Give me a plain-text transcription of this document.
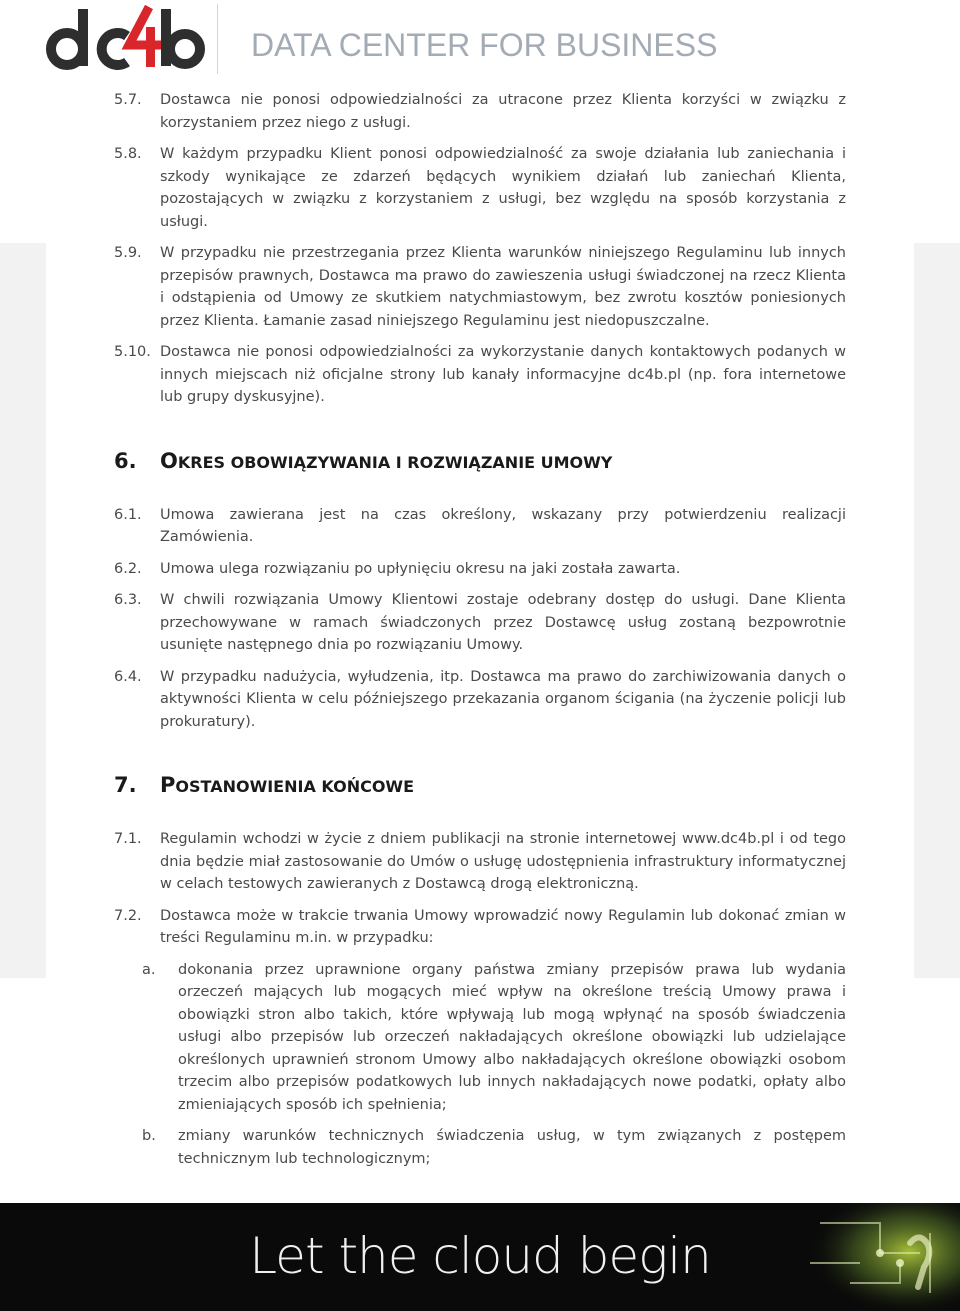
DATA CENTER FOR BUSINESS
5.7. Dostawca nie ponosi odpowiedzialności za utracone przez Klienta korzyści w związku z korzystaniem przez niego z usługi.
5.8. W każdym przypadku Klient ponosi odpowiedzialność za swoje działania lub zaniechania i szkody wynikające ze zdarzeń będących wynikiem działań lub zaniechań Klienta, pozostających w związku z korzystaniem z usługi, bez względu na sposób korzystania z usługi.
5.9. W przypadku nie przestrzegania przez Klienta warunków niniejszego Regulaminu lub innych przepisów prawnych, Dostawca ma prawo do zawieszenia usługi świadczonej na rzecz Klienta i odstąpienia od Umowy ze skutkiem natychmiastowym, bez zwrotu kosztów poniesionych przez Klienta. Łamanie zasad niniejszego Regulaminu jest niedopuszczalne.
5.10. Dostawca nie ponosi odpowiedzialności za wykorzystanie danych kontaktowych podanych w innych miejscach niż oficjalne strony lub kanały informacyjne dc4b.pl (np. fora internetowe lub grupy dyskusyjne).
6. OKRES OBOWIĄZYWANIA I ROZWIĄZANIE UMOWY
6.1. Umowa zawierana jest na czas określony, wskazany przy potwierdzeniu realizacji Zamówienia.
6.2. Umowa ulega rozwiązaniu po upłynięciu okresu na jaki została zawarta.
6.3. W chwili rozwiązania Umowy Klientowi zostaje odebrany dostęp do usługi. Dane Klienta przechowywane w ramach świadczonych przez Dostawcę usług zostaną bezpowrotnie usunięte następnego dnia po rozwiązaniu Umowy.
6.4. W przypadku nadużycia, wyłudzenia, itp. Dostawca ma prawo do zarchiwizowania danych o aktywności Klienta w celu późniejszego przekazania organom ścigania (na życzenie policji lub prokuratury).
7. POSTANOWIENIA KOŃCOWE
7.1. Regulamin wchodzi w życie z dniem publikacji na stronie internetowej www.dc4b.pl i od tego dnia będzie miał zastosowanie do Umów o usługę udostępnienia infrastruktury informatycznej w celach testowych zawieranych z Dostawcą drogą elektroniczną.
7.2. Dostawca może w trakcie trwania Umowy wprowadzić nowy Regulamin lub dokonać zmian w treści Regulaminu m.in. w przypadku:
a. dokonania przez uprawnione organy państwa zmiany przepisów prawa lub wydania orzeczeń mających lub mogących mieć wpływ na określone treścią Umowy prawa i obowiązki stron albo takich, które wpływają lub mogą wpłynąć na sposób świadczenia usługi albo przepisów lub orzeczeń nakładających określone obowiązki lub udzielające określonych uprawnień stronom Umowy albo nakładających określone obowiązki osobom trzecim albo przepisów podatkowych lub innych nakładających nowe podatki, opłaty albo zmieniających sposób ich spełnienia;
b. zmiany warunków technicznych świadczenia usług, w tym związanych z postępem technicznym lub technologicznym;
Let the cloud begin
